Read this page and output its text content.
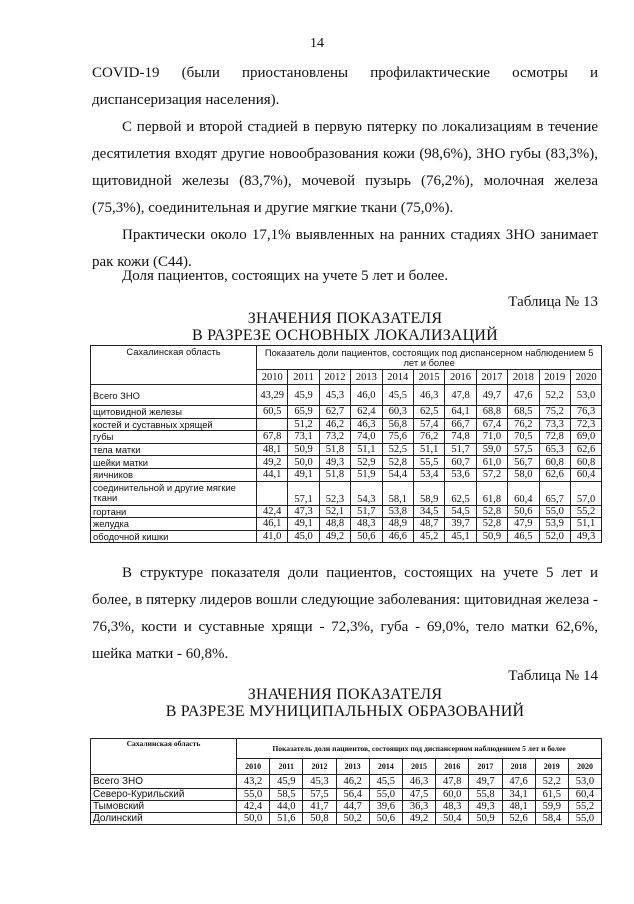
14

COVID-19 (были приостановлены профилактические осмотры и диспансеризация населения).

С первой и второй стадией в первую пятерку по локализациям в течение десятилетия входят другие новообразования кожи (98,6%), ЗНО губы (83,3%), щитовидной железы (83,7%), мочевой пузырь (76,2%), молочная железа (75,3%), соединительная и другие мягкие ткани (75,0%).

Практически около 17,1% выявленных на ранних стадиях ЗНО занимает рак кожи (С44).

Доля пациентов, состоящих на учете 5 лет и более.

Таблица № 13
ЗНАЧЕНИЯ ПОКАЗАТЕЛЯ
В РАЗРЕЗЕ ОСНОВНЫХ ЛОКАЛИЗАЦИЙ
Сахалинская область	Показатель доли пациентов, состоящих под диспансерном наблюдением 5 лет и более										
	2010	2011	2012	2013	2014	2015	2016	2017	2018	2019	2020
Всего ЗНО	43,29	45,9	45,3	46,0	45,5	46,3	47,8	49,7	47,6	52,2	53,0
щитовидной железы	60,5	65,9	62,7	62,4	60,3	62,5	64,1	68,8	68,5	75,2	76,3
костей и суставных хрящей		51,2	46,2	46,3	56,8	57,4	66,7	67,4	76,2	73,3	72,3
губы	67,8	73,1	73,2	74,0	75,6	76,2	74,8	71,0	70,5	72,8	69,0
тела матки	48,1	50,9	51,8	51,1	52,5	51,1	51,7	59,0	57,5	65,3	62,6
шейки матки	49,2	50,0	49,3	52,9	52,8	55,5	60,7	61,0	56,7	60,8	60,8
яичников	44,1	49,1	51,8	51,9	54,4	53,4	53,6	57,2	58,0	62,6	60,4
соединительной и другие мягкие ткани		57,1	52,3	54,3	58,1	58,9	62,5	61,8	60,4	65,7	57,0
гортани	42,4	47,3	52,1	51,7	53,8	34,5	54,5	52,8	50,6	55,0	55,2
желудка	46,1	49,1	48,8	48,3	48,9	48,7	39,7	52,8	47,9	53,9	51,1
ободочной кишки	41,0	45,0	49,2	50,6	46,6	45,2	45,1	50,9	46,5	52,0	49,3

В структуре показателя доли пациентов, состоящих на учете 5 лет и более, в пятерку лидеров вошли следующие заболевания: щитовидная железа - 76,3%, кости и суставные хрящи - 72,3%, губа - 69,0%, тело матки 62,6%, шейка матки - 60,8%.

Таблица № 14
ЗНАЧЕНИЯ ПОКАЗАТЕЛЯ
В РАЗРЕЗЕ МУНИЦИПАЛЬНЫХ ОБРАЗОВАНИЙ
Сахалинская область	Показатель доли пациентов, состоящих под диспансерном наблюдением 5 лет и более										
	2010	2011	2012	2013	2014	2015	2016	2017	2018	2019	2020
Всего ЗНО	43,2	45,9	45,3	46,2	45,5	46,3	47,8	49,7	47,6	52,2	53,0
Северо-Курильский	55,0	58,5	57,5	56,4	55,0	47,5	60,0	55,8	34,1	61,5	60,4
Тымовский	42,4	44,0	41,7	44,7	39,6	36,3	48,3	49,3	48,1	59,9	55,2
Долинский	50,0	51,6	50,8	50,2	50,6	49,2	50,4	50,9	52,6	58,4	55,0
